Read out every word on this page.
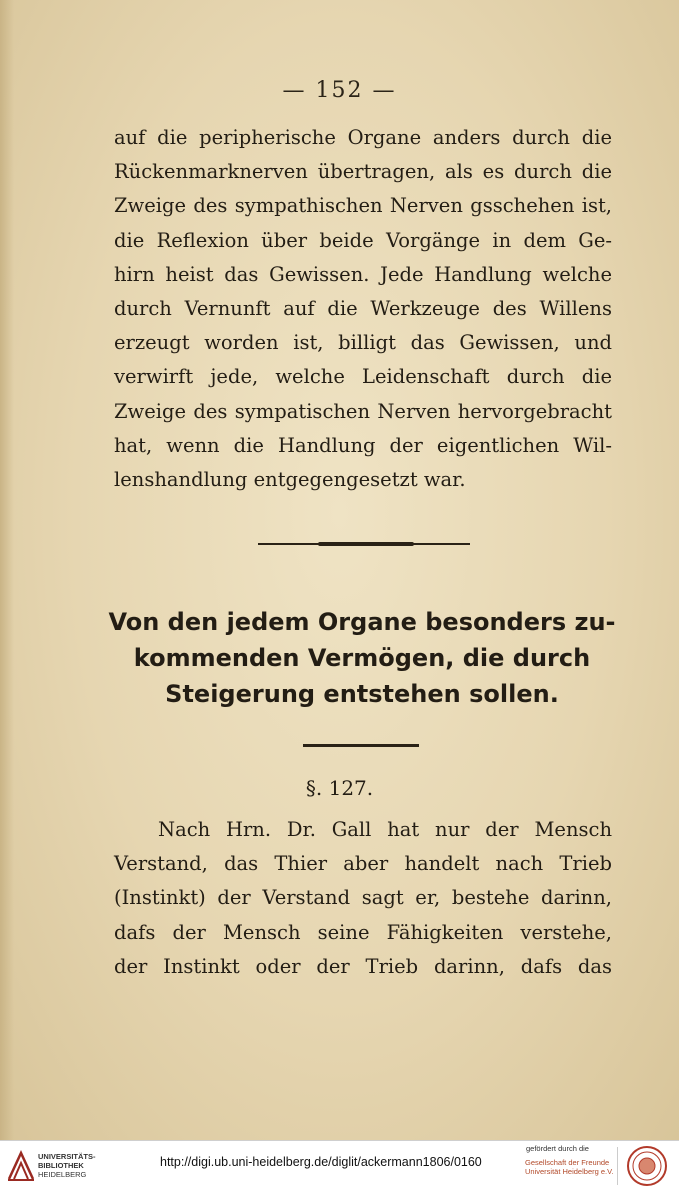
— 152 —

auf die peripherische Organe anders durch die
Rückenmarknerven übertragen, als es durch die
Zweige des sympathischen Nerven gsschehen ist,
die Reflexion über beide Vorgänge in dem Ge-
hirn heist das Gewissen. Jede Handlung welche
durch Vernunft auf die Werkzeuge des Willens
erzeugt worden ist, billigt das Gewissen, und
verwirft jede, welche Leidenschaft durch die
Zweige des sympatischen Nerven hervorgebracht
hat, wenn die Handlung der eigentlichen Wil-
lenshandlung entgegengesetzt war.

Von den jedem Organe besonders zu-
kommenden Vermögen, die durch
Steigerung entstehen sollen.
§. 127.

Nach Hrn. Dr. Gall hat nur der Mensch
Verstand, das Thier aber handelt nach Trieb
(Instinkt) der Verstand sagt er, bestehe darinn,
dafs der Mensch seine Fähigkeiten verstehe,
der Instinkt oder der Trieb darinn, dafs das

UNIVERSITÄTS-
BIBLIOTHEK
HEIDELBERG
http://digi.ub.uni-heidelberg.de/diglit/ackermann1806/0160
gefördert durch die
Gesellschaft der Freunde
Universität Heidelberg e.V.
